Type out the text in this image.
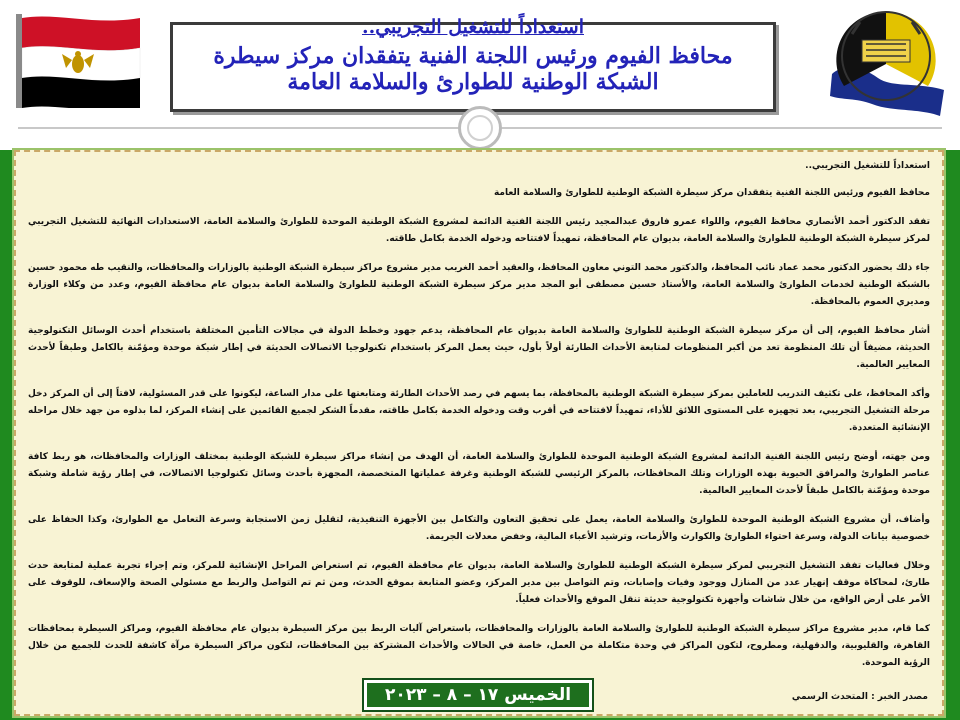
استعداداً للتشغيل التجريبي..
محافظ الفيوم ورئيس اللجنة الفنية يتفقدان مركز سيطرة الشبكة الوطنية للطوارئ والسلامة العامة

استعداداً للتشغيل التجريبي..

محافظ الفيوم ورئيس اللجنة الفنية يتفقدان مركز سيطرة الشبكة الوطنية للطوارئ والسلامة العامة

تفقد الدكتور أحمد الأنصاري محافظ الفيوم، واللواء عمرو فاروق عبدالمجيد رئيس اللجنة الفنية الدائمة لمشروع الشبكة الوطنية الموحدة للطوارئ والسلامة العامة، الاستعدادات النهائية للتشغيل التجريبي لمركز سيطرة الشبكة الوطنية للطوارئ والسلامة العامة، بديوان عام المحافظة، تمهيداً لافتتاحه ودخوله الخدمة بكامل طاقته.

جاء ذلك بحضور الدكتور محمد عماد نائب المحافظ، والدكتور محمد التوني معاون المحافظ، والعقيد أحمد الغريب مدير مشروع مراكز سيطرة الشبكة الوطنية بالوزارات والمحافظات، والنقيب طه محمود حسين بالشبكة الوطنية لخدمات الطوارئ والسلامة العامة، والأستاذ حسين مصطفى أبو المجد مدير مركز سيطرة الشبكة الوطنية للطوارئ والسلامة العامة بديوان عام محافظة الفيوم، وعدد من وكلاء الوزارة ومديري العموم بالمحافظة.

أشار محافظ الفيوم، إلى أن مركز سيطرة الشبكة الوطنية للطوارئ والسلامة العامة بديوان عام المحافظة، يدعم جهود وخطط الدولة في مجالات التأمين المختلفة باستخدام أحدث الوسائل التكنولوجية الحديثة، مضيفاً أن تلك المنظومة تعد من أكبر المنظومات لمتابعة الأحداث الطارئة أولاً بأول، حيث يعمل المركز باستخدام تكنولوجيا الاتصالات الحديثة في إطار شبكة موحدة ومؤمّنة بالكامل وطبقاً لأحدث المعايير العالمية.

وأكد المحافظ، على تكثيف التدريب للعاملين بمركز سيطرة الشبكة الوطنية بالمحافظة، بما يسهم في رصد الأحداث الطارئة ومتابعتها على مدار الساعة، ليكونوا على قدر المسئولية، لافتاً إلى أن المركز دخل مرحلة التشغيل التجريبي، بعد تجهيزه على المستوى اللائق للأداء، تمهيداً لافتتاحه في أقرب وقت ودخوله الخدمة بكامل طاقته، مقدماً الشكر لجميع القائمين على إنشاء المركز، لما بذلوه من جهد خلال مراحله الإنشائية المتعددة.

ومن جهته، أوضح رئيس اللجنة الفنية الدائمة لمشروع الشبكة الوطنية الموحدة للطوارئ والسلامة العامة، أن الهدف من إنشاء مراكز سيطرة للشبكة الوطنية بمختلف الوزارات والمحافظات، هو ربط كافة عناصر الطوارئ والمرافق الحيوية بهذه الوزارات وتلك المحافظات، بالمركز الرئيسي للشبكة الوطنية وغرفة عملياتها المتخصصة، المجهزة بأحدث وسائل تكنولوجيا الاتصالات، في إطار رؤية شاملة وشبكة موحدة ومؤمّنة بالكامل طبقاً لأحدث المعايير العالمية.

وأضاف، أن مشروع الشبكة الوطنية الموحدة للطوارئ والسلامة العامة، يعمل على تحقيق التعاون والتكامل بين الأجهزة التنفيذية، لتقليل زمن الاستجابة وسرعة التعامل مع الطوارئ، وكذا الحفاظ على خصوصية بيانات الدولة، وسرعة احتواء الطوارئ والكوارث والأزمات، وترشيد الأعباء المالية، وخفض معدلات الجريمة.

وخلال فعاليات تفقد التشغيل التجريبي لمركز سيطرة الشبكة الوطنية للطوارئ والسلامة العامة، بديوان عام محافظة الفيوم، تم استعراض المراحل الإنشائية للمركز، وتم إجراء تجربة عملية لمتابعة حدث طارئ، لمحاكاة موقف إنهيار عدد من المنازل ووجود وفيات وإصابات، وتم التواصل بين مدير المركز، وعضو المتابعة بموقع الحدث، ومن ثم تم التواصل والربط مع مسئولي الصحة والإسعاف، للوقوف على الأمر على أرض الواقع، من خلال شاشات وأجهزة تكنولوجية حديثة تنقل الموقع والأحداث فعلياً.

كما قام، مدير مشروع مراكز سيطرة الشبكة الوطنية للطوارئ والسلامة العامة بالوزارات والمحافظات، باستعراض آليات الربط بين مركز السيطرة بديوان عام محافظة الفيوم، ومراكز السيطرة بمحافظات القاهرة، والقليوبية، والدقهلية، ومطروح، لتكون المراكز في وحدة متكاملة من العمل، خاصة في الحالات والأحداث المشتركة بين المحافظات، لتكون مراكز السيطرة مرآة كاشفة للحدث للجميع من خلال الرؤية الموحدة.

مصدر الخبر : المتحدث الرسمي
الخميس ١٧ – ٨ – ٢٠٢٣
